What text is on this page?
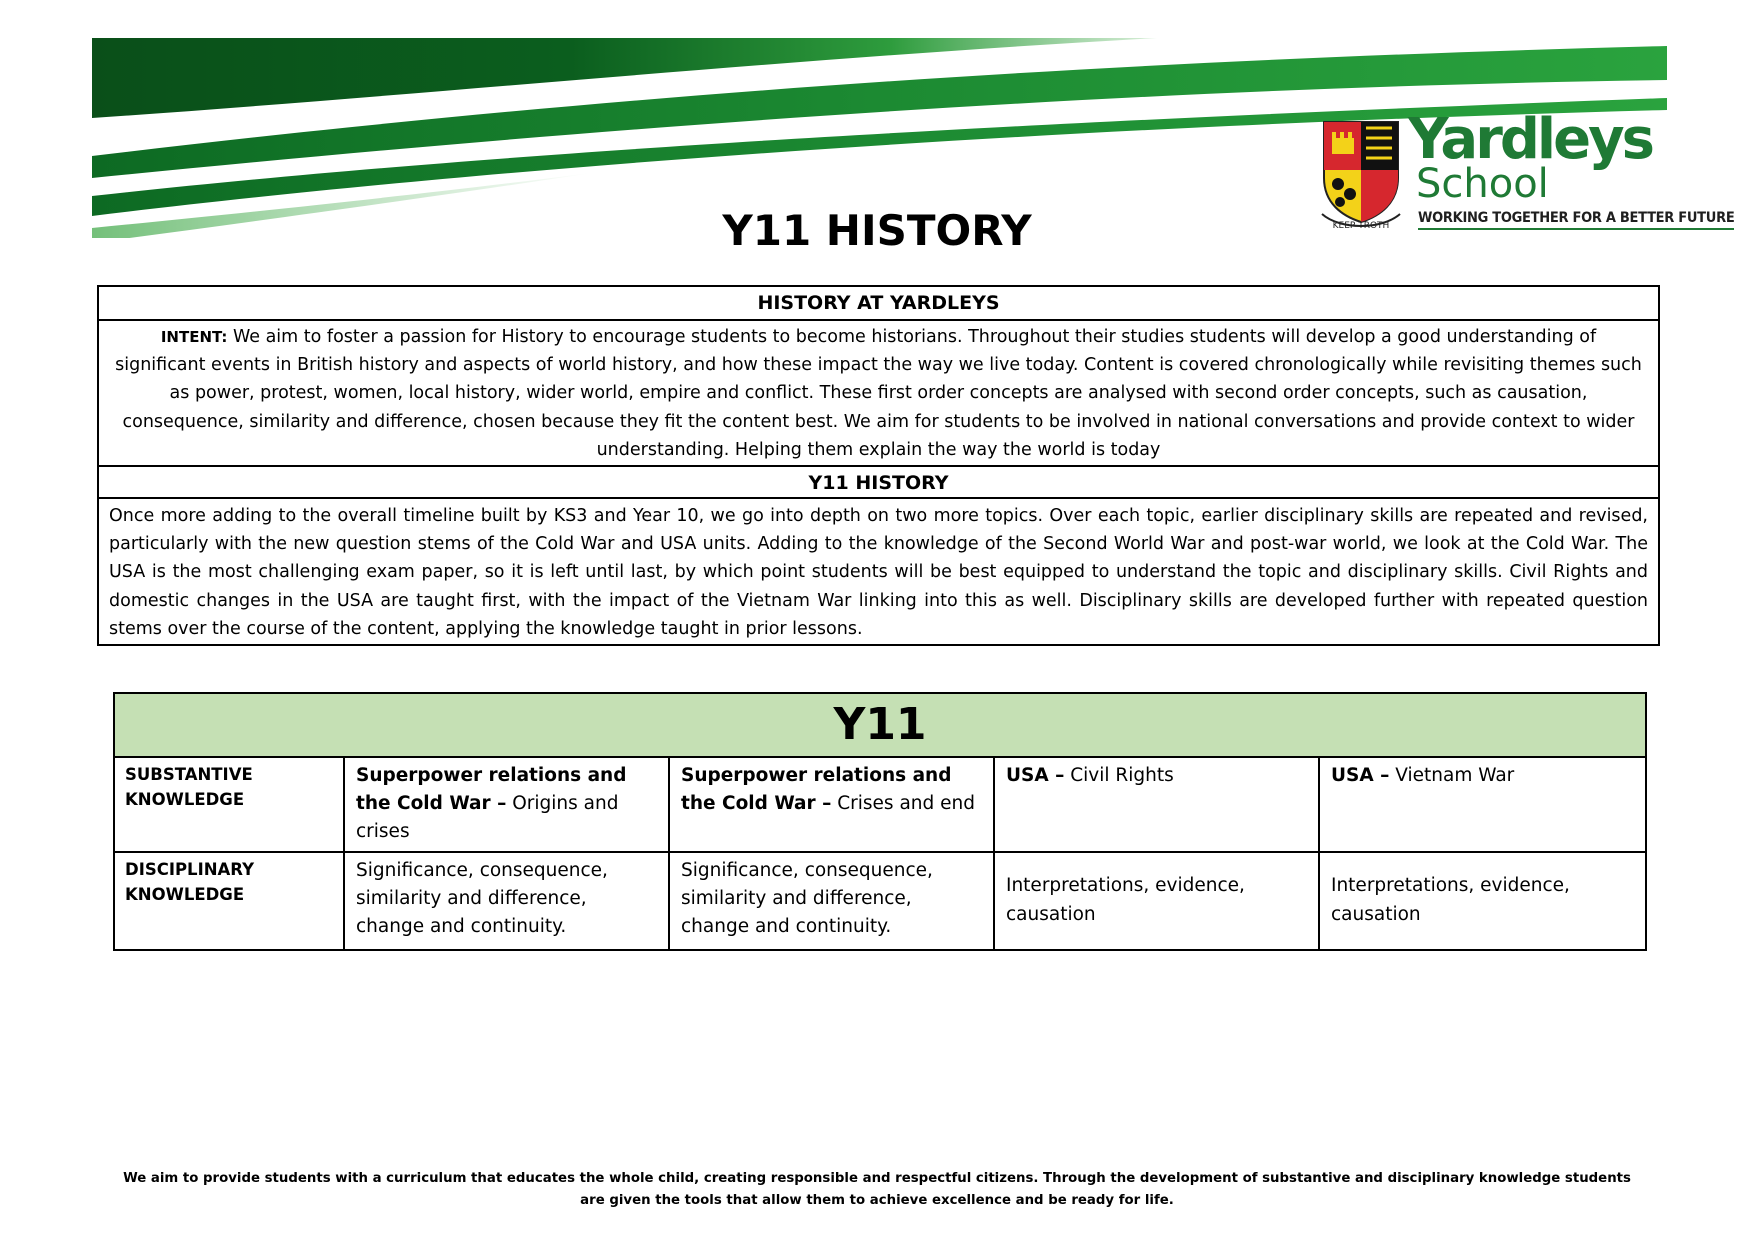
KEEP TROTH
Yardleys
School
WORKING TOGETHER FOR A BETTER FUTURE
Y11 HISTORY
HISTORY AT YARDLEYS
INTENT: We aim to foster a passion for History to encourage students to become historians. Throughout their studies students will develop a good understanding of significant events in British history and aspects of world history, and how these impact the way we live today. Content is covered chronologically while revisiting themes such as power, protest, women, local history, wider world, empire and conflict. These first order concepts are analysed with second order concepts, such as causation, consequence, similarity and difference, chosen because they fit the content best. We aim for students to be involved in national conversations and provide context to wider understanding. Helping them explain the way the world is today
Y11 HISTORY
Once more adding to the overall timeline built by KS3 and Year 10, we go into depth on two more topics. Over each topic, earlier disciplinary skills are repeated and revised, particularly with the new question stems of the Cold War and USA units. Adding to the knowledge of the Second World War and post-war world, we look at the Cold War. The USA is the most challenging exam paper, so it is left until last, by which point students will be best equipped to understand the topic and disciplinary skills. Civil Rights and domestic changes in the USA are taught first, with the impact of the Vietnam War linking into this as well. Disciplinary skills are developed further with repeated question stems over the course of the content, applying the knowledge taught in prior lessons.
Y11				
SUBSTANTIVE KNOWLEDGE	Superpower relations and the Cold War – Origins and crises	Superpower relations and the Cold War – Crises and end	USA – Civil Rights	USA – Vietnam War
DISCIPLINARY KNOWLEDGE	Significance, consequence, similarity and difference, change and continuity.	Significance, consequence, similarity and difference, change and continuity.	Interpretations, evidence, causation	Interpretations, evidence, causation
We aim to provide students with a curriculum that educates the whole child, creating responsible and respectful citizens. Through the development of substantive and disciplinary knowledge students are given the tools that allow them to achieve excellence and be ready for life.
